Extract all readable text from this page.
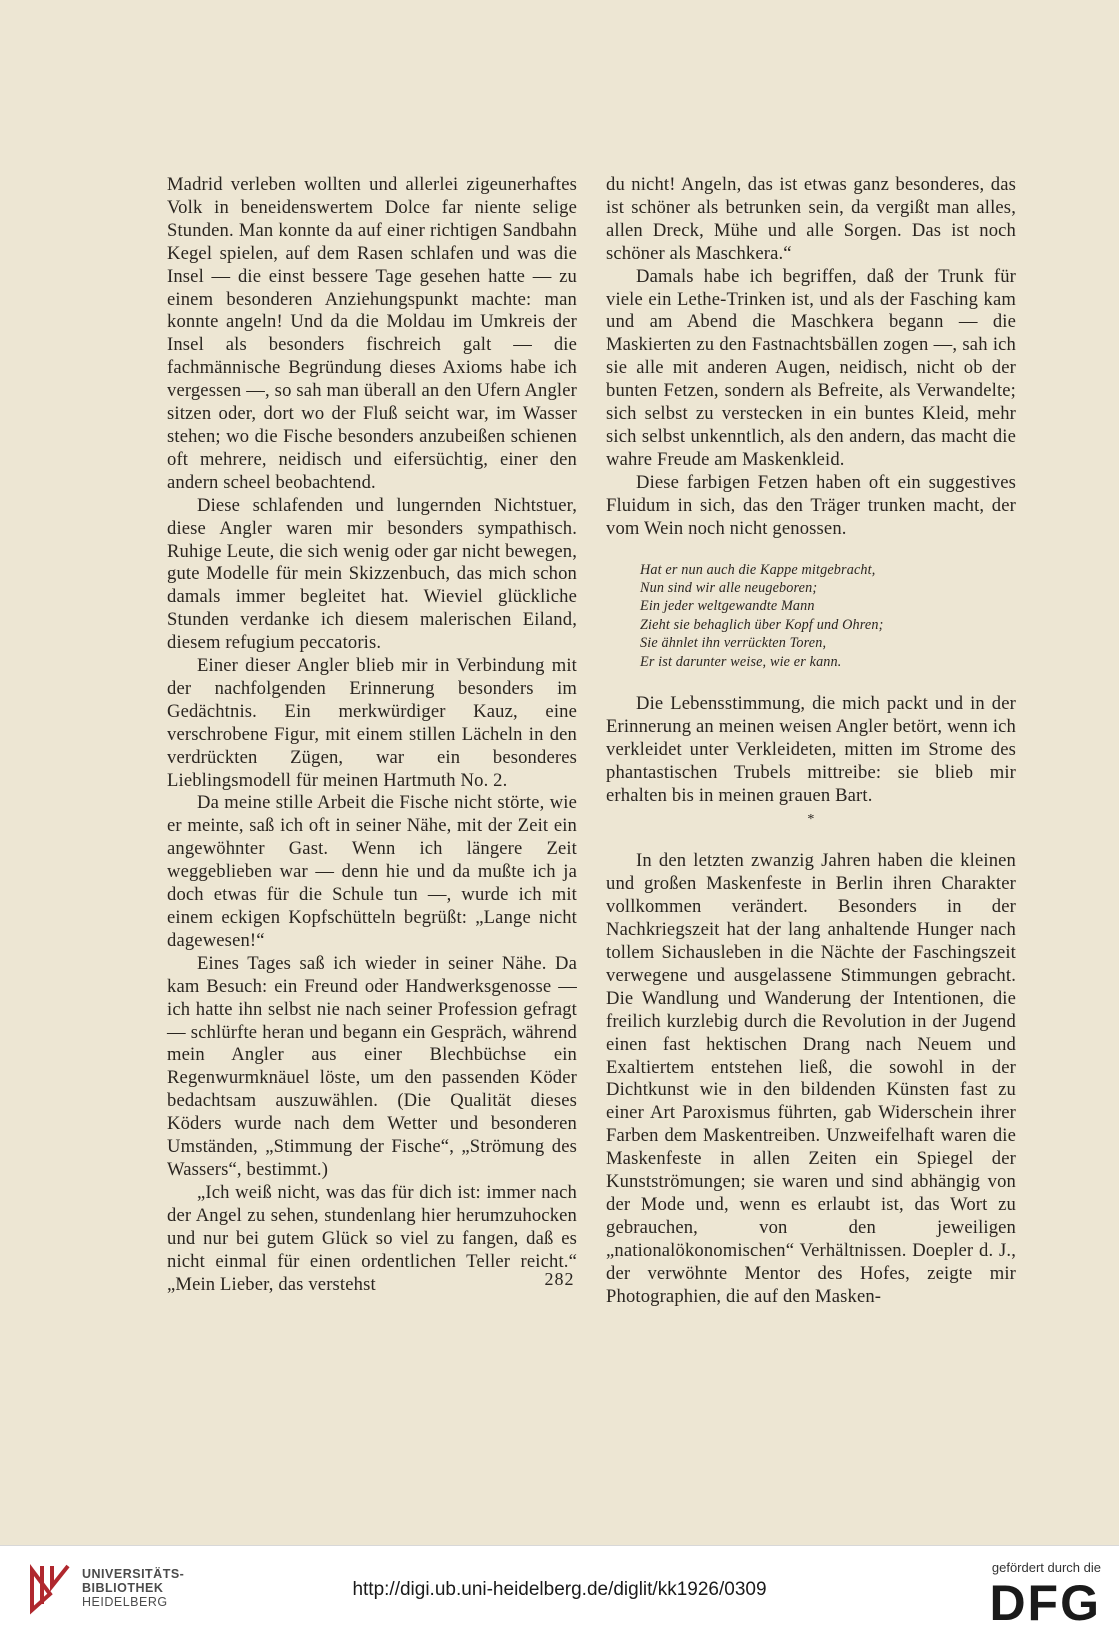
Madrid verleben wollten und allerlei zigeunerhaftes Volk in beneidenswertem Dolce far niente selige Stunden. Man konnte da auf einer richtigen Sandbahn Kegel spielen, auf dem Rasen schlafen und was die Insel — die einst bessere Tage gesehen hatte — zu einem besonderen Anziehungspunkt machte: man konnte angeln! Und da die Moldau im Umkreis der Insel als besonders fischreich galt — die fachmännische Begründung dieses Axioms habe ich vergessen —, so sah man überall an den Ufern Angler sitzen oder, dort wo der Fluß seicht war, im Wasser stehen; wo die Fische besonders anzubeißen schienen oft mehrere, neidisch und eifersüchtig, einer den andern scheel beobachtend.

Diese schlafenden und lungernden Nichtstuer, diese Angler waren mir besonders sympathisch. Ruhige Leute, die sich wenig oder gar nicht bewegen, gute Modelle für mein Skizzenbuch, das mich schon damals immer begleitet hat. Wieviel glückliche Stunden verdanke ich diesem malerischen Eiland, diesem refugium peccatoris.

Einer dieser Angler blieb mir in Verbindung mit der nachfolgenden Erinnerung besonders im Gedächtnis. Ein merkwürdiger Kauz, eine verschrobene Figur, mit einem stillen Lächeln in den verdrückten Zügen, war ein besonderes Lieblingsmodell für meinen Hartmuth No. 2.

Da meine stille Arbeit die Fische nicht störte, wie er meinte, saß ich oft in seiner Nähe, mit der Zeit ein angewöhnter Gast. Wenn ich längere Zeit weggeblieben war — denn hie und da mußte ich ja doch etwas für die Schule tun —, wurde ich mit einem eckigen Kopfschütteln begrüßt: „Lange nicht dagewesen!“

Eines Tages saß ich wieder in seiner Nähe. Da kam Besuch: ein Freund oder Handwerksgenosse — ich hatte ihn selbst nie nach seiner Profession gefragt — schlürfte heran und begann ein Gespräch, während mein Angler aus einer Blechbüchse ein Regenwurmknäuel löste, um den passenden Köder bedachtsam auszuwählen. (Die Qualität dieses Köders wurde nach dem Wetter und besonderen Umständen, „Stimmung der Fische“, „Strömung des Wassers“, bestimmt.)

„Ich weiß nicht, was das für dich ist: immer nach der Angel zu sehen, stundenlang hier herumzuhocken und nur bei gutem Glück so viel zu fangen, daß es nicht einmal für einen ordentlichen Teller reicht.“ „Mein Lieber, das verstehst

du nicht! Angeln, das ist etwas ganz besonderes, das ist schöner als betrunken sein, da vergißt man alles, allen Dreck, Mühe und alle Sorgen. Das ist noch schöner als Maschkera.“

Damals habe ich begriffen, daß der Trunk für viele ein Lethe-Trinken ist, und als der Fasching kam und am Abend die Maschkera begann — die Maskierten zu den Fastnachtsbällen zogen —, sah ich sie alle mit anderen Augen, neidisch, nicht ob der bunten Fetzen, sondern als Befreite, als Verwandelte; sich selbst zu verstecken in ein buntes Kleid, mehr sich selbst unkenntlich, als den andern, das macht die wahre Freude am Maskenkleid.

Diese farbigen Fetzen haben oft ein suggestives Fluidum in sich, das den Träger trunken macht, der vom Wein noch nicht genossen.

Hat er nun auch die Kappe mitgebracht,
Nun sind wir alle neugeboren;
Ein jeder weltgewandte Mann
Zieht sie behaglich über Kopf und Ohren;
Sie ähnlet ihn verrückten Toren,
Er ist darunter weise, wie er kann.

Die Lebensstimmung, die mich packt und in der Erinnerung an meinen weisen Angler betört, wenn ich verkleidet unter Verkleideten, mitten im Strome des phantastischen Trubels mittreibe: sie blieb mir erhalten bis in meinen grauen Bart.

*

In den letzten zwanzig Jahren haben die kleinen und großen Maskenfeste in Berlin ihren Charakter vollkommen verändert. Besonders in der Nachkriegszeit hat der lang anhaltende Hunger nach tollem Sichausleben in die Nächte der Faschingszeit verwegene und ausgelassene Stimmungen gebracht. Die Wandlung und Wanderung der Intentionen, die freilich kurzlebig durch die Revolution in der Jugend einen fast hektischen Drang nach Neuem und Exaltiertem entstehen ließ, die sowohl in der Dichtkunst wie in den bildenden Künsten fast zu einer Art Paroxismus führten, gab Widerschein ihrer Farben dem Maskentreiben. Unzweifelhaft waren die Maskenfeste in allen Zeiten ein Spiegel der Kunstströmungen; sie waren und sind abhängig von der Mode und, wenn es erlaubt ist, das Wort zu gebrauchen, von den jeweiligen „nationalökonomischen“ Verhältnissen. Doepler d. J., der verwöhnte Mentor des Hofes, zeigte mir Photographien, die auf den Masken-

282
UNIVERSITÄTS-
BIBLIOTHEK
HEIDELBERG
http://digi.ub.uni-heidelberg.de/diglit/kk1926/0309
gefördert durch die
DFG
